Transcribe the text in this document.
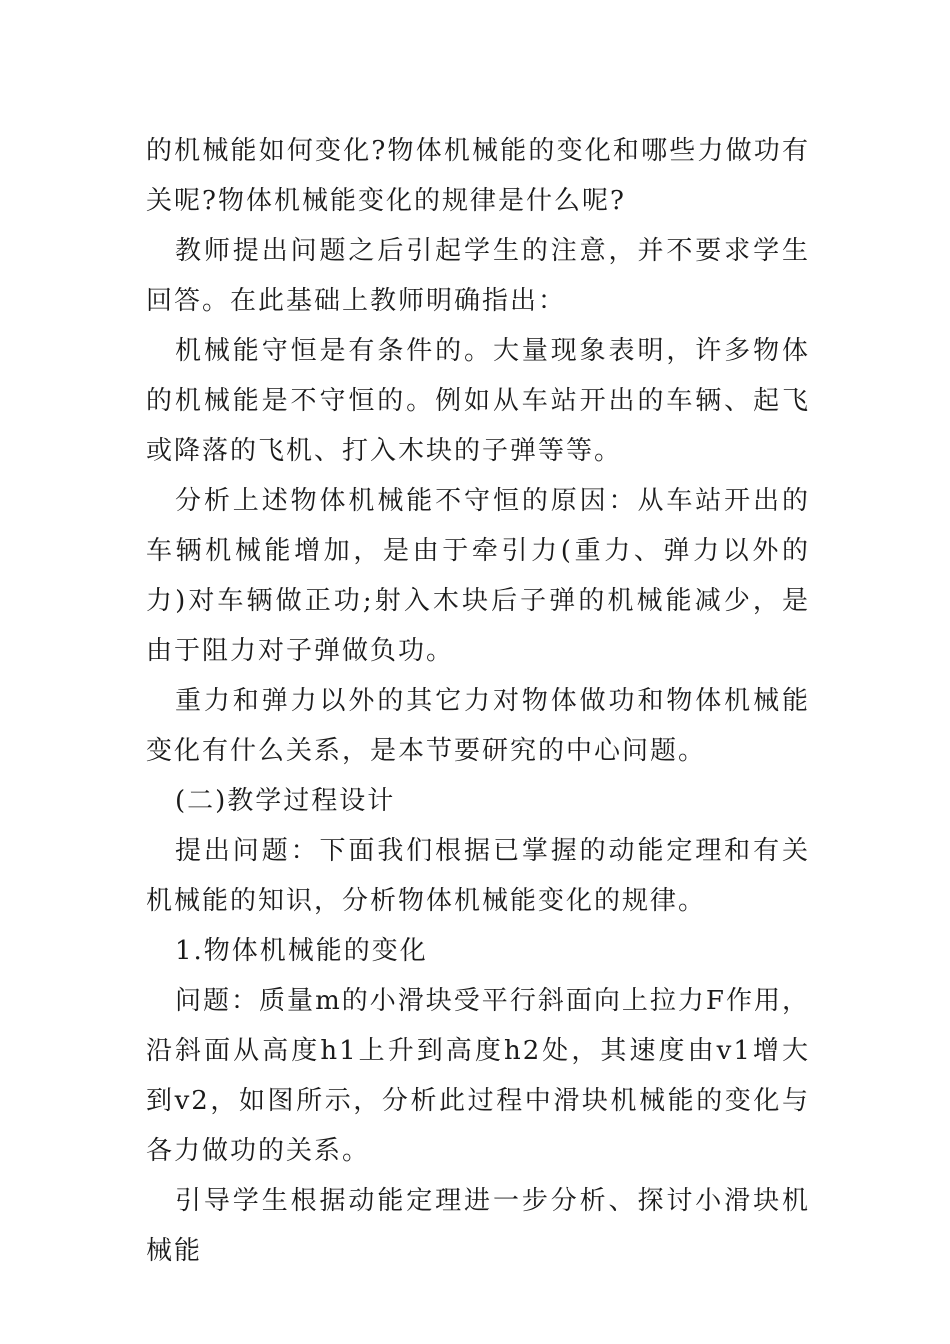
的机械能如何变化?物体机械能的变化和哪些力做功有关呢?物体机械能变化的规律是什么呢?

教师提出问题之后引起学生的注意，并不要求学生回答。在此基础上教师明确指出：

机械能守恒是有条件的。大量现象表明，许多物体的机械能是不守恒的。例如从车站开出的车辆、起飞或降落的飞机、打入木块的子弹等等。

分析上述物体机械能不守恒的原因：从车站开出的车辆机械能增加，是由于牵引力(重力、弹力以外的力)对车辆做正功;射入木块后子弹的机械能减少，是由于阻力对子弹做负功。

重力和弹力以外的其它力对物体做功和物体机械能变化有什么关系，是本节要研究的中心问题。

(二)教学过程设计

提出问题：下面我们根据已掌握的动能定理和有关机械能的知识，分析物体机械能变化的规律。

1.物体机械能的变化

问题：质量m的小滑块受平行斜面向上拉力F作用，沿斜面从高度h1上升到高度h2处，其速度由v1增大到v2，如图所示，分析此过程中滑块机械能的变化与各力做功的关系。

引导学生根据动能定理进一步分析、探讨小滑块机械能
